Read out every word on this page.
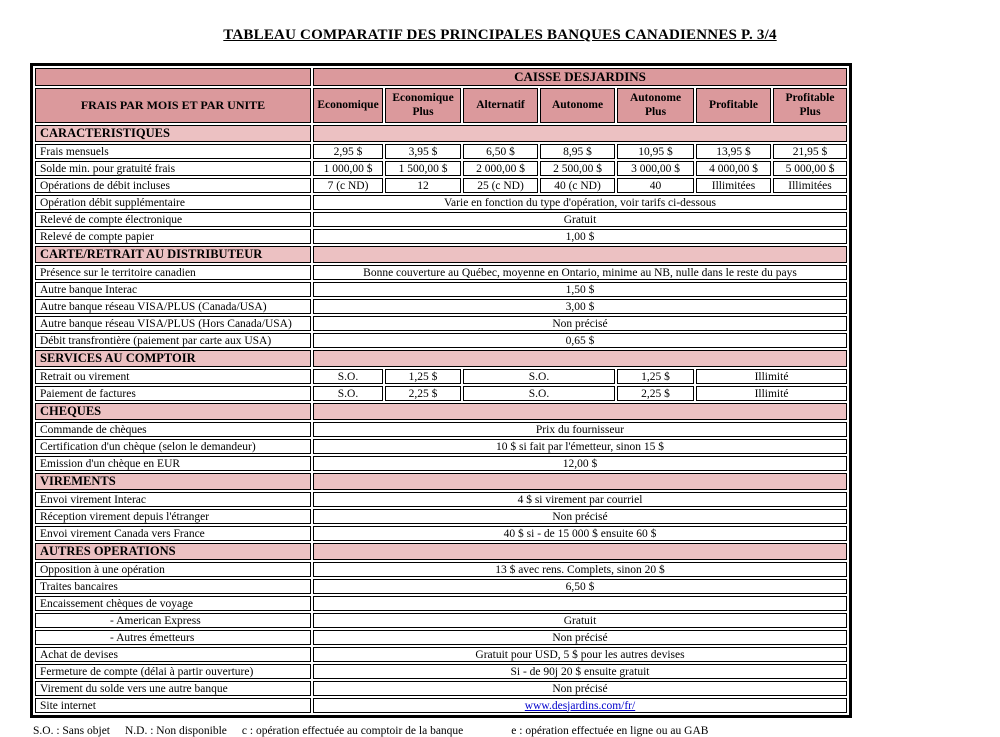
TABLEAU COMPARATIF DES PRINCIPALES BANQUES CANADIENNES P. 3/4
	CAISSE DESJARDINS						
FRAIS PAR MOIS ET PAR UNITE	Economique	Economique Plus	Alternatif	Autonome	Autonome Plus	Profitable	Profitable Plus
CARACTERISTIQUES							
Frais mensuels	2,95 $	3,95 $	6,50 $	8,95 $	10,95 $	13,95 $	21,95 $
Solde min. pour gratuité frais	1 000,00 $	1 500,00 $	2 000,00 $	2 500,00 $	3 000,00 $	4 000,00 $	5 000,00 $
Opérations de débit incluses	7 (c ND)	12	25 (c ND)	40 (c ND)	40	Illimitées	Illimitées
Opération débit supplémentaire	Varie en fonction du type d'opération, voir tarifs ci-dessous						
Relevé de compte électronique	Gratuit						
Relevé de compte papier	1,00 $						
CARTE/RETRAIT AU DISTRIBUTEUR							
Présence sur le territoire canadien	Bonne couverture au Québec, moyenne en Ontario, minime au NB, nulle dans le reste du pays						
Autre banque Interac	1,50 $						
Autre banque réseau VISA/PLUS (Canada/USA)	3,00 $						
Autre banque réseau VISA/PLUS (Hors Canada/USA)	Non précisé						
Débit transfrontière (paiement par carte aux USA)	0,65 $						
SERVICES AU COMPTOIR							
Retrait ou virement	S.O.	1,25 $	S.O.		1,25 $	Illimité	
Paiement de factures	S.O.	2,25 $	S.O.		2,25 $	Illimité	
CHEQUES							
Commande de chèques	Prix du fournisseur						
Certification d'un chèque (selon le demandeur)	10 $ si fait par l'émetteur, sinon 15 $						
Emission d'un chèque en EUR	12,00 $						
VIREMENTS							
Envoi virement Interac	4 $ si virement par courriel						
Réception virement depuis l'étranger	Non précisé						
Envoi virement Canada vers France	40 $ si - de 15 000 $ ensuite 60 $						
AUTRES OPERATIONS							
Opposition à une opération	13 $ avec rens. Complets, sinon 20 $						
Traites bancaires	6,50 $						
Encaissement chèques de voyage							
- American Express	Gratuit						
- Autres émetteurs	Non précisé						
Achat de devises	Gratuit pour USD, 5 $ pour les autres devises						
Fermeture de compte (délai à partir ouverture)	Si - de 90j 20 $ ensuite gratuit						
Virement du solde vers une autre banque	Non précisé						
Site internet	www.desjardins.com/fr/						

S.O. : Sans objet N.D. : Non disponible c : opération effectuée au comptoir de la banque	e : opération effectuée en ligne ou au GAB
